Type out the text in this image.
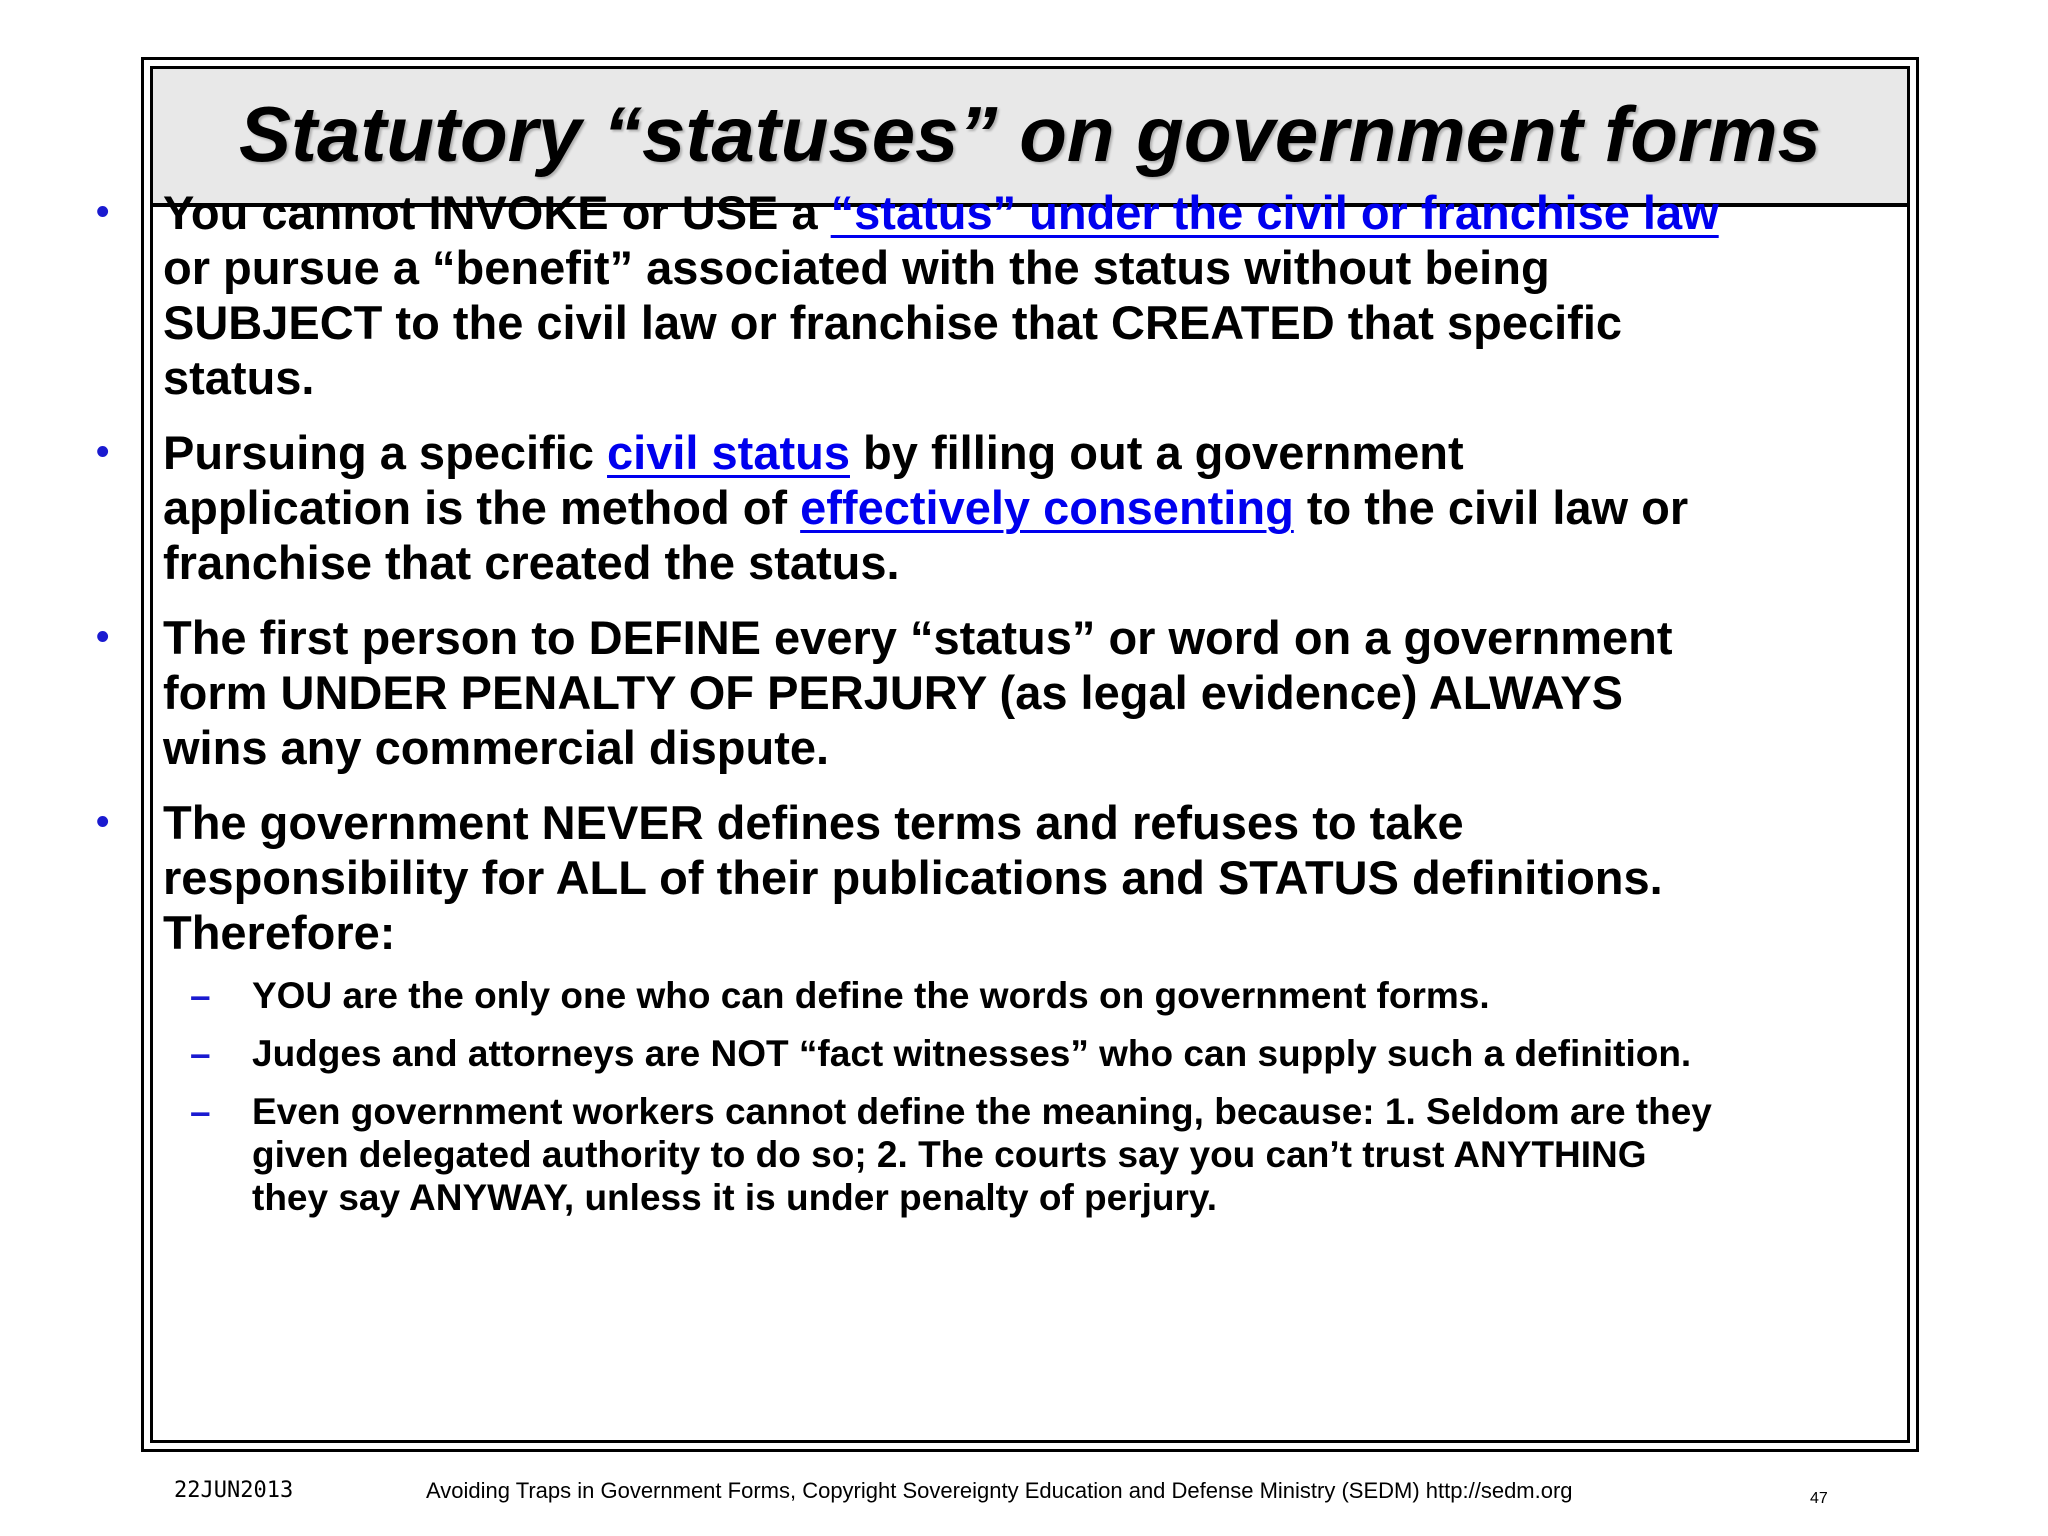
Statutory “statuses” on government forms
• You cannot INVOKE or USE a “status” under the civil or franchise law or pursue a “benefit” associated with the status without being SUBJECT to the civil law or franchise that CREATED that specific status.
• Pursuing a specific civil status by filling out a government application is the method of effectively consenting to the civil law or franchise that created the status.
• The first person to DEFINE every “status” or word on a government form UNDER PENALTY OF PERJURY (as legal evidence) ALWAYS wins any commercial dispute.
• The government NEVER defines terms and refuses to take responsibility for ALL of their publications and STATUS definitions. Therefore:
– YOU are the only one who can define the words on government forms.
– Judges and attorneys are NOT “fact witnesses” who can supply such a definition.
– Even government workers cannot define the meaning, because: 1. Seldom are they given delegated authority to do so; 2. The courts say you can’t trust ANYTHING they say ANYWAY, unless it is under penalty of perjury.
22JUN2013	Avoiding Traps in Government Forms, Copyright Sovereignty Education and Defense Ministry (SEDM) http://sedm.org	47
